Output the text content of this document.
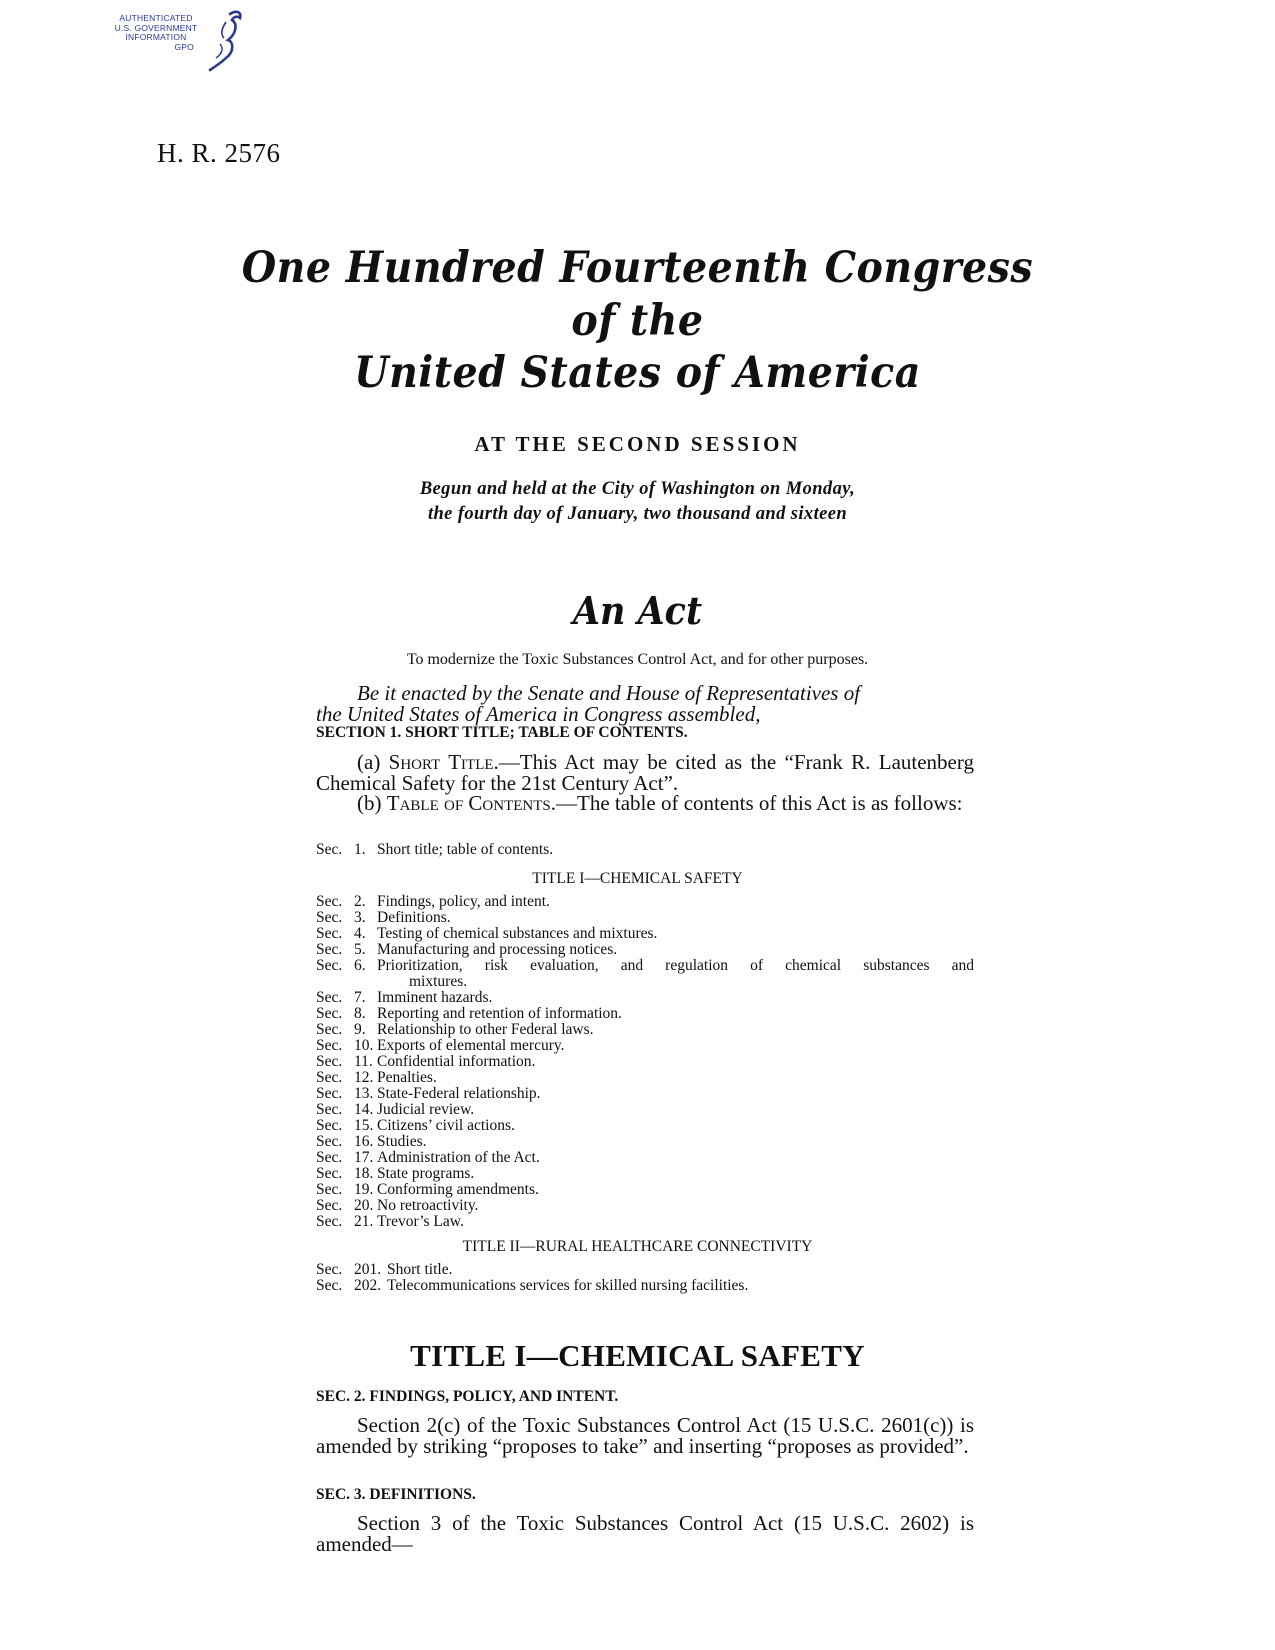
AUTHENTICATED
U.S. GOVERNMENT
INFORMATION
GPO
H. R. 2576
One Hundred Fourteenth Congress
of the
United States of America
AT THE SECOND SESSION
Begun and held at the City of Washington on Monday,
the fourth day of January, two thousand and sixteen
An Act
To modernize the Toxic Substances Control Act, and for other purposes.
Be it enacted by the Senate and House of Representatives of
the United States of America in Congress assembled,
SECTION 1. SHORT TITLE; TABLE OF CONTENTS.

(a) Short Title.—This Act may be cited as the “Frank R. Lautenberg Chemical Safety for the 21st Century Act”.

(b) Table of Contents.—The table of contents of this Act is as follows:

Sec. 1. Short title; table of contents.
TITLE I—CHEMICAL SAFETY
Sec. 2. Findings, policy, and intent.
Sec. 3. Definitions.
Sec. 4. Testing of chemical substances and mixtures.
Sec. 5. Manufacturing and processing notices.
Sec. 6. Prioritization, risk evaluation, and regulation of chemical substances and
mixtures.
Sec. 7. Imminent hazards.
Sec. 8. Reporting and retention of information.
Sec. 9. Relationship to other Federal laws.
Sec. 10. Exports of elemental mercury.
Sec. 11. Confidential information.
Sec. 12. Penalties.
Sec. 13. State-Federal relationship.
Sec. 14. Judicial review.
Sec. 15. Citizens’ civil actions.
Sec. 16. Studies.
Sec. 17. Administration of the Act.
Sec. 18. State programs.
Sec. 19. Conforming amendments.
Sec. 20. No retroactivity.
Sec. 21. Trevor’s Law.
TITLE II—RURAL HEALTHCARE CONNECTIVITY
Sec. 201. Short title.
Sec. 202. Telecommunications services for skilled nursing facilities.
TITLE I—CHEMICAL SAFETY
SEC. 2. FINDINGS, POLICY, AND INTENT.

Section 2(c) of the Toxic Substances Control Act (15 U.S.C. 2601(c)) is amended by striking “proposes to take” and inserting “proposes as provided”.

SEC. 3. DEFINITIONS.

Section 3 of the Toxic Substances Control Act (15 U.S.C. 2602) is amended—
